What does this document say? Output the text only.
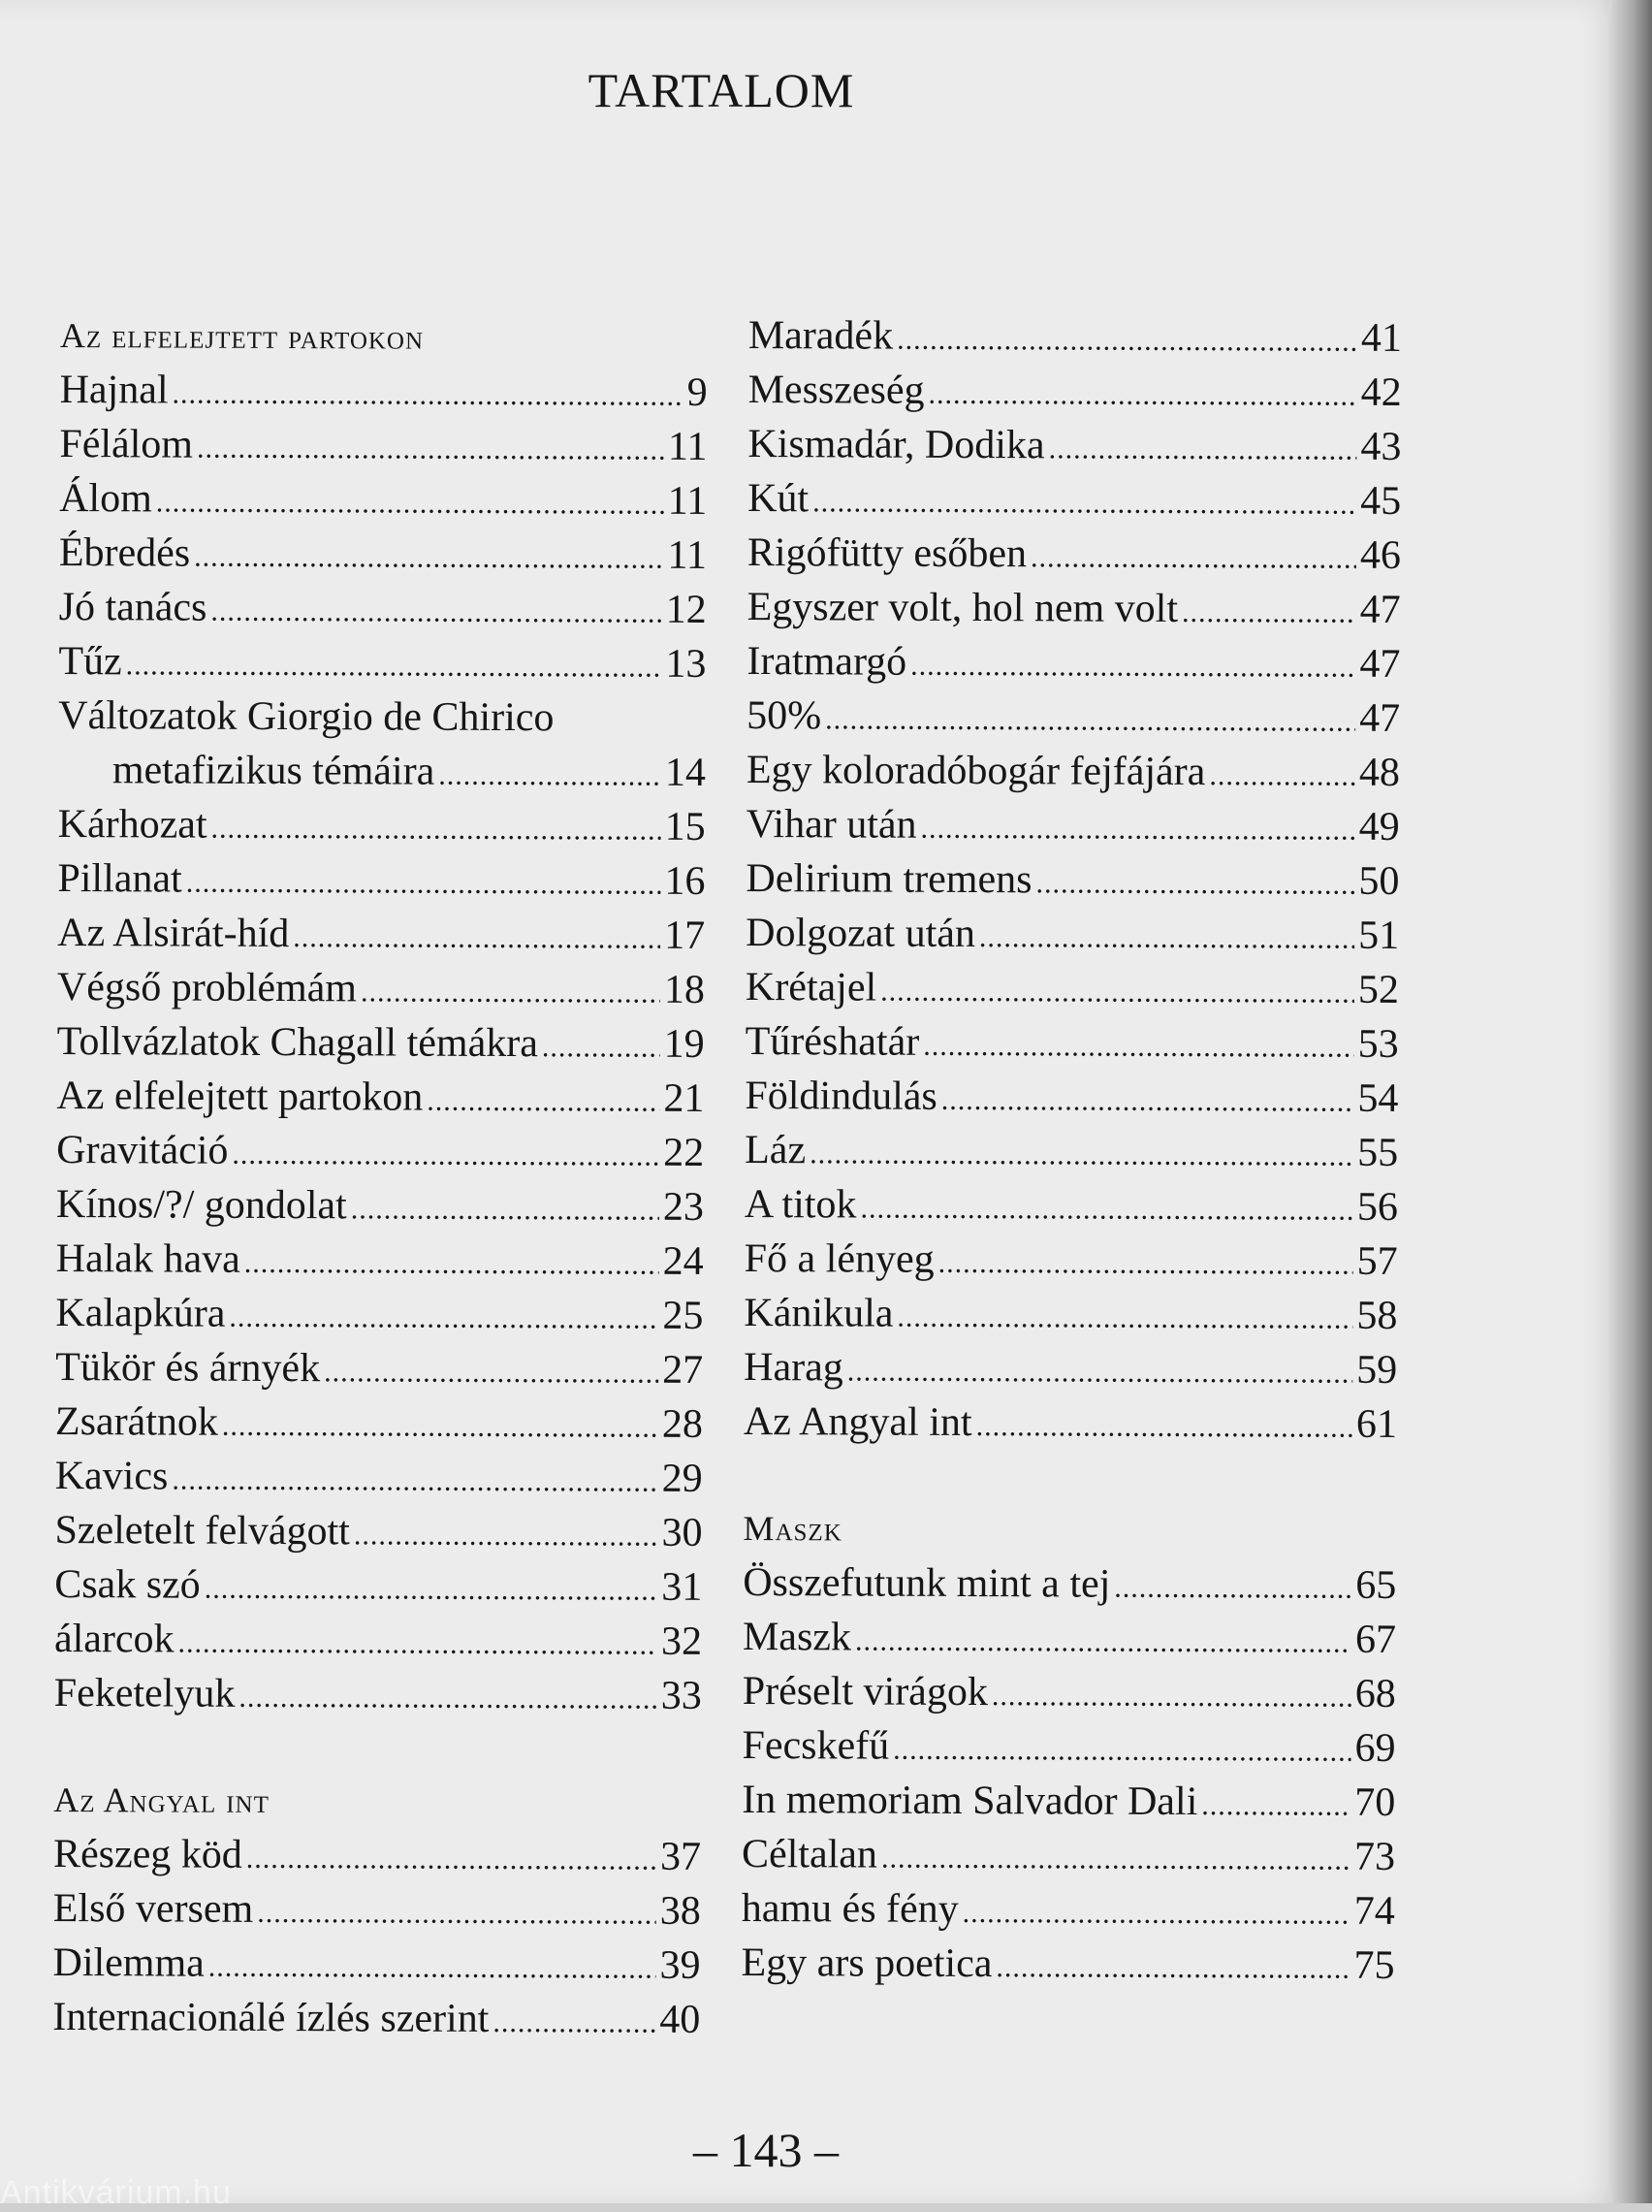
TARTALOM
Az elfelejtett partokon
Hajnal .....	9
Félálom .....	11
Álom .....	11
Ébredés .....	11
Jó tanács .....	12
Tűz .....	13
Változatok Giorgio de Chirico
metafizikus témáira .....	14
Kárhozat .....	15
Pillanat .....	16
Az Alsirát-híd .....	17
Végső problémám .....	18
Tollvázlatok Chagall témákra .....	19
Az elfelejtett partokon .....	21
Gravitáció .....	22
Kínos/?/ gondolat .....	23
Halak hava .....	24
Kalapkúra .....	25
Tükör és árnyék .....	27
Zsarátnok .....	28
Kavics .....	29
Szeletelt felvágott .....	30
Csak szó .....	31
álarcok .....	32
Feketelyuk .....	33
Az Angyal int
Részeg köd .....	37
Első versem .....	38
Dilemma .....	39
Internacionálé ízlés szerint .....	40
Maradék .....	41
Messzeség .....	42
Kismadár, Dodika .....	43
Kút .....	45
Rigófütty esőben .....	46
Egyszer volt, hol nem volt .....	47
Iratmargó .....	47
50% .....	47
Egy koloradóbogár fejfájára .....	48
Vihar után .....	49
Delirium tremens .....	50
Dolgozat után .....	51
Krétajel .....	52
Tűréshatár .....	53
Földindulás .....	54
Láz .....	55
A titok .....	56
Fő a lényeg .....	57
Kánikula .....	58
Harag .....	59
Az Angyal int .....	61
Maszk
Összefutunk mint a tej .....	65
Maszk .....	67
Préselt virágok .....	68
Fecskefű .....	69
In memoriam Salvador Dali .....	70
Céltalan .....	73
hamu és fény .....	74
Egy ars poetica .....	75
– 143 –
Antikvárium.hu
